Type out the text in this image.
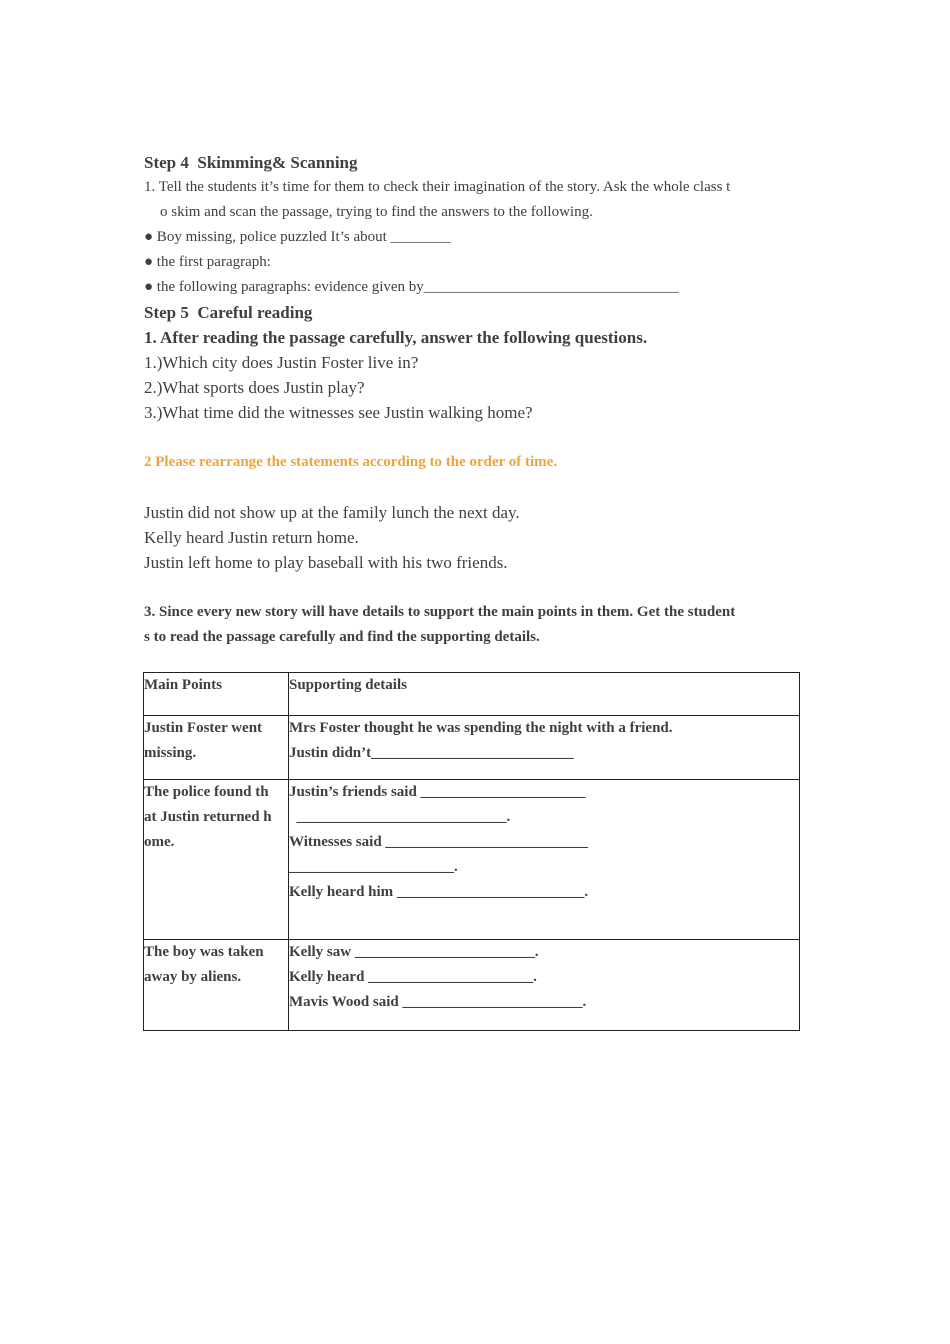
Step 4  Skimming& Scanning

1. Tell the students it’s time for them to check their imagination of the story. Ask the whole class t

o skim and scan the passage, trying to find the answers to the following.

● Boy missing, police puzzled It’s about ________

● the first paragraph:

● the following paragraphs: evidence given by__________________________________

Step 5  Careful reading

1. After reading the passage carefully, answer the following questions.

1.)Which city does Justin Foster live in?

2.)What sports does Justin play?

3.)What time did the witnesses see Justin walking home?

2 Please rearrange the statements according to the order of time.

Justin did not show up at the family lunch the next day.

Kelly heard Justin return home.

Justin left home to play baseball with his two friends.

3. Since every new story will have details to support the main points in them. Get the student

s to read the passage carefully and find the supporting details.

Main Points	Supporting details

Justin Foster went
missing.	Mrs Foster thought he was spending the night with a friend.
Justin didn’t___________________________

The police found th
at Justin returned h
ome.	Justin’s friends said ______________________
____________________________.
Witnesses said ___________________________
______________________.
Kelly heard him _________________________.

The boy was taken
away by aliens.	Kelly saw ________________________.
Kelly heard ______________________.
Mavis Wood said ________________________.
